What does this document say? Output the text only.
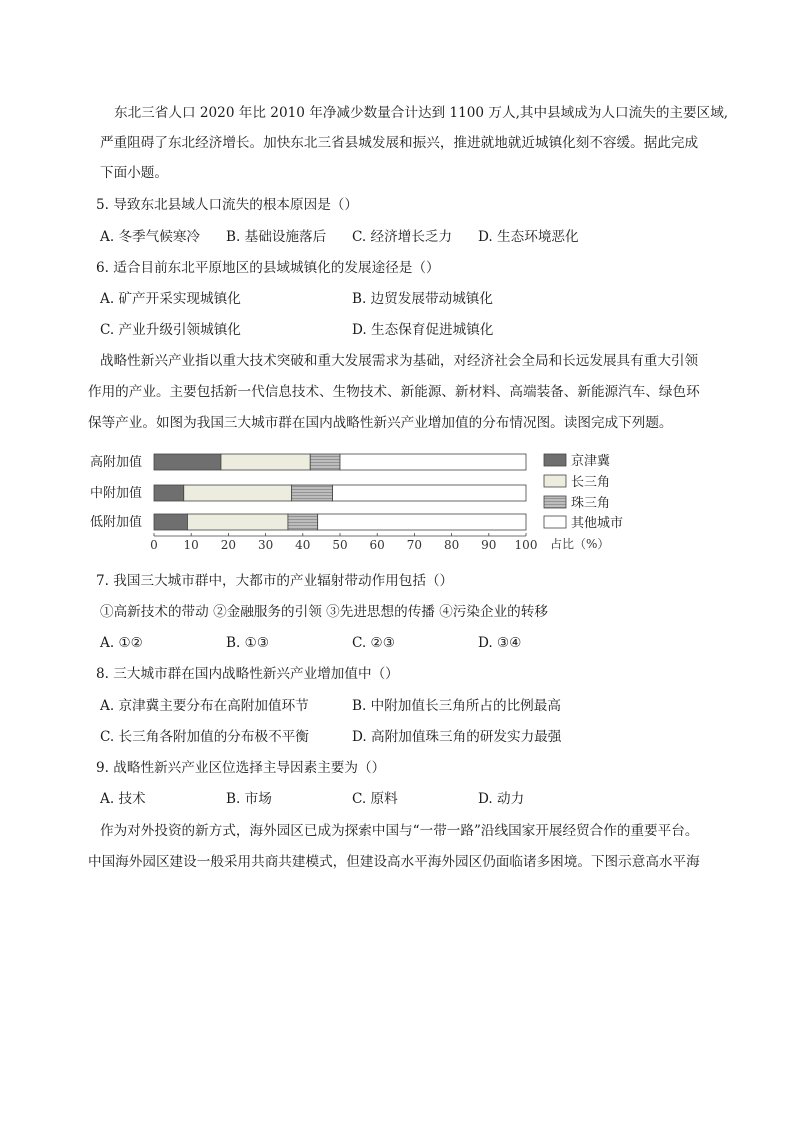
东北三省人口 2020 年比 2010 年净减少数量合计达到 1100 万人,其中县域成为人口流失的主要区域,
严重阻碍了东北经济增长。加快东北三省县城发展和振兴，推进就地就近城镇化刻不容缓。据此完成
下面小题。
5. 导致东北县域人口流失的根本原因是（）
A. 冬季气候寒冷 B. 基础设施落后 C. 经济增长乏力 D. 生态环境恶化
6. 适合目前东北平原地区的县域城镇化的发展途径是（）
A. 矿产开采实现城镇化	B. 边贸发展带动城镇化
C. 产业升级引领城镇化	D. 生态保育促进城镇化
战略性新兴产业指以重大技术突破和重大发展需求为基础，对经济社会全局和长远发展具有重大引领
作用的产业。主要包括新一代信息技术、生物技术、新能源、新材料、高端装备、新能源汽车、绿色环
保等产业。如图为我国三大城市群在国内战略性新兴产业增加值的分布情况图。读图完成下列题。
高附加值
中附加值
低附加值
0 10 20 30 40 50 60 70 80 90 100
京津冀
长三角
珠三角
其他城市
占比（%）
7. 我国三大城市群中，大都市的产业辐射带动作用包括（）
①高新技术的带动 ②金融服务的引领 ③先进思想的传播 ④污染企业的转移
A. ①②	B. ①③	C. ②③	D. ③④
8. 三大城市群在国内战略性新兴产业增加值中（）
A. 京津冀主要分布在高附加值环节	B. 中附加值长三角所占的比例最高
C. 长三角各附加值的分布极不平衡	D. 高附加值珠三角的研发实力最强
9. 战略性新兴产业区位选择主导因素主要为（）
A. 技术	B. 市场	C. 原料	D. 动力
作为对外投资的新方式，海外园区已成为探索中国与“一带一路”沿线国家开展经贸合作的重要平台。
中国海外园区建设一般采用共商共建模式，但建设高水平海外园区仍面临诸多困境。下图示意高水平海
